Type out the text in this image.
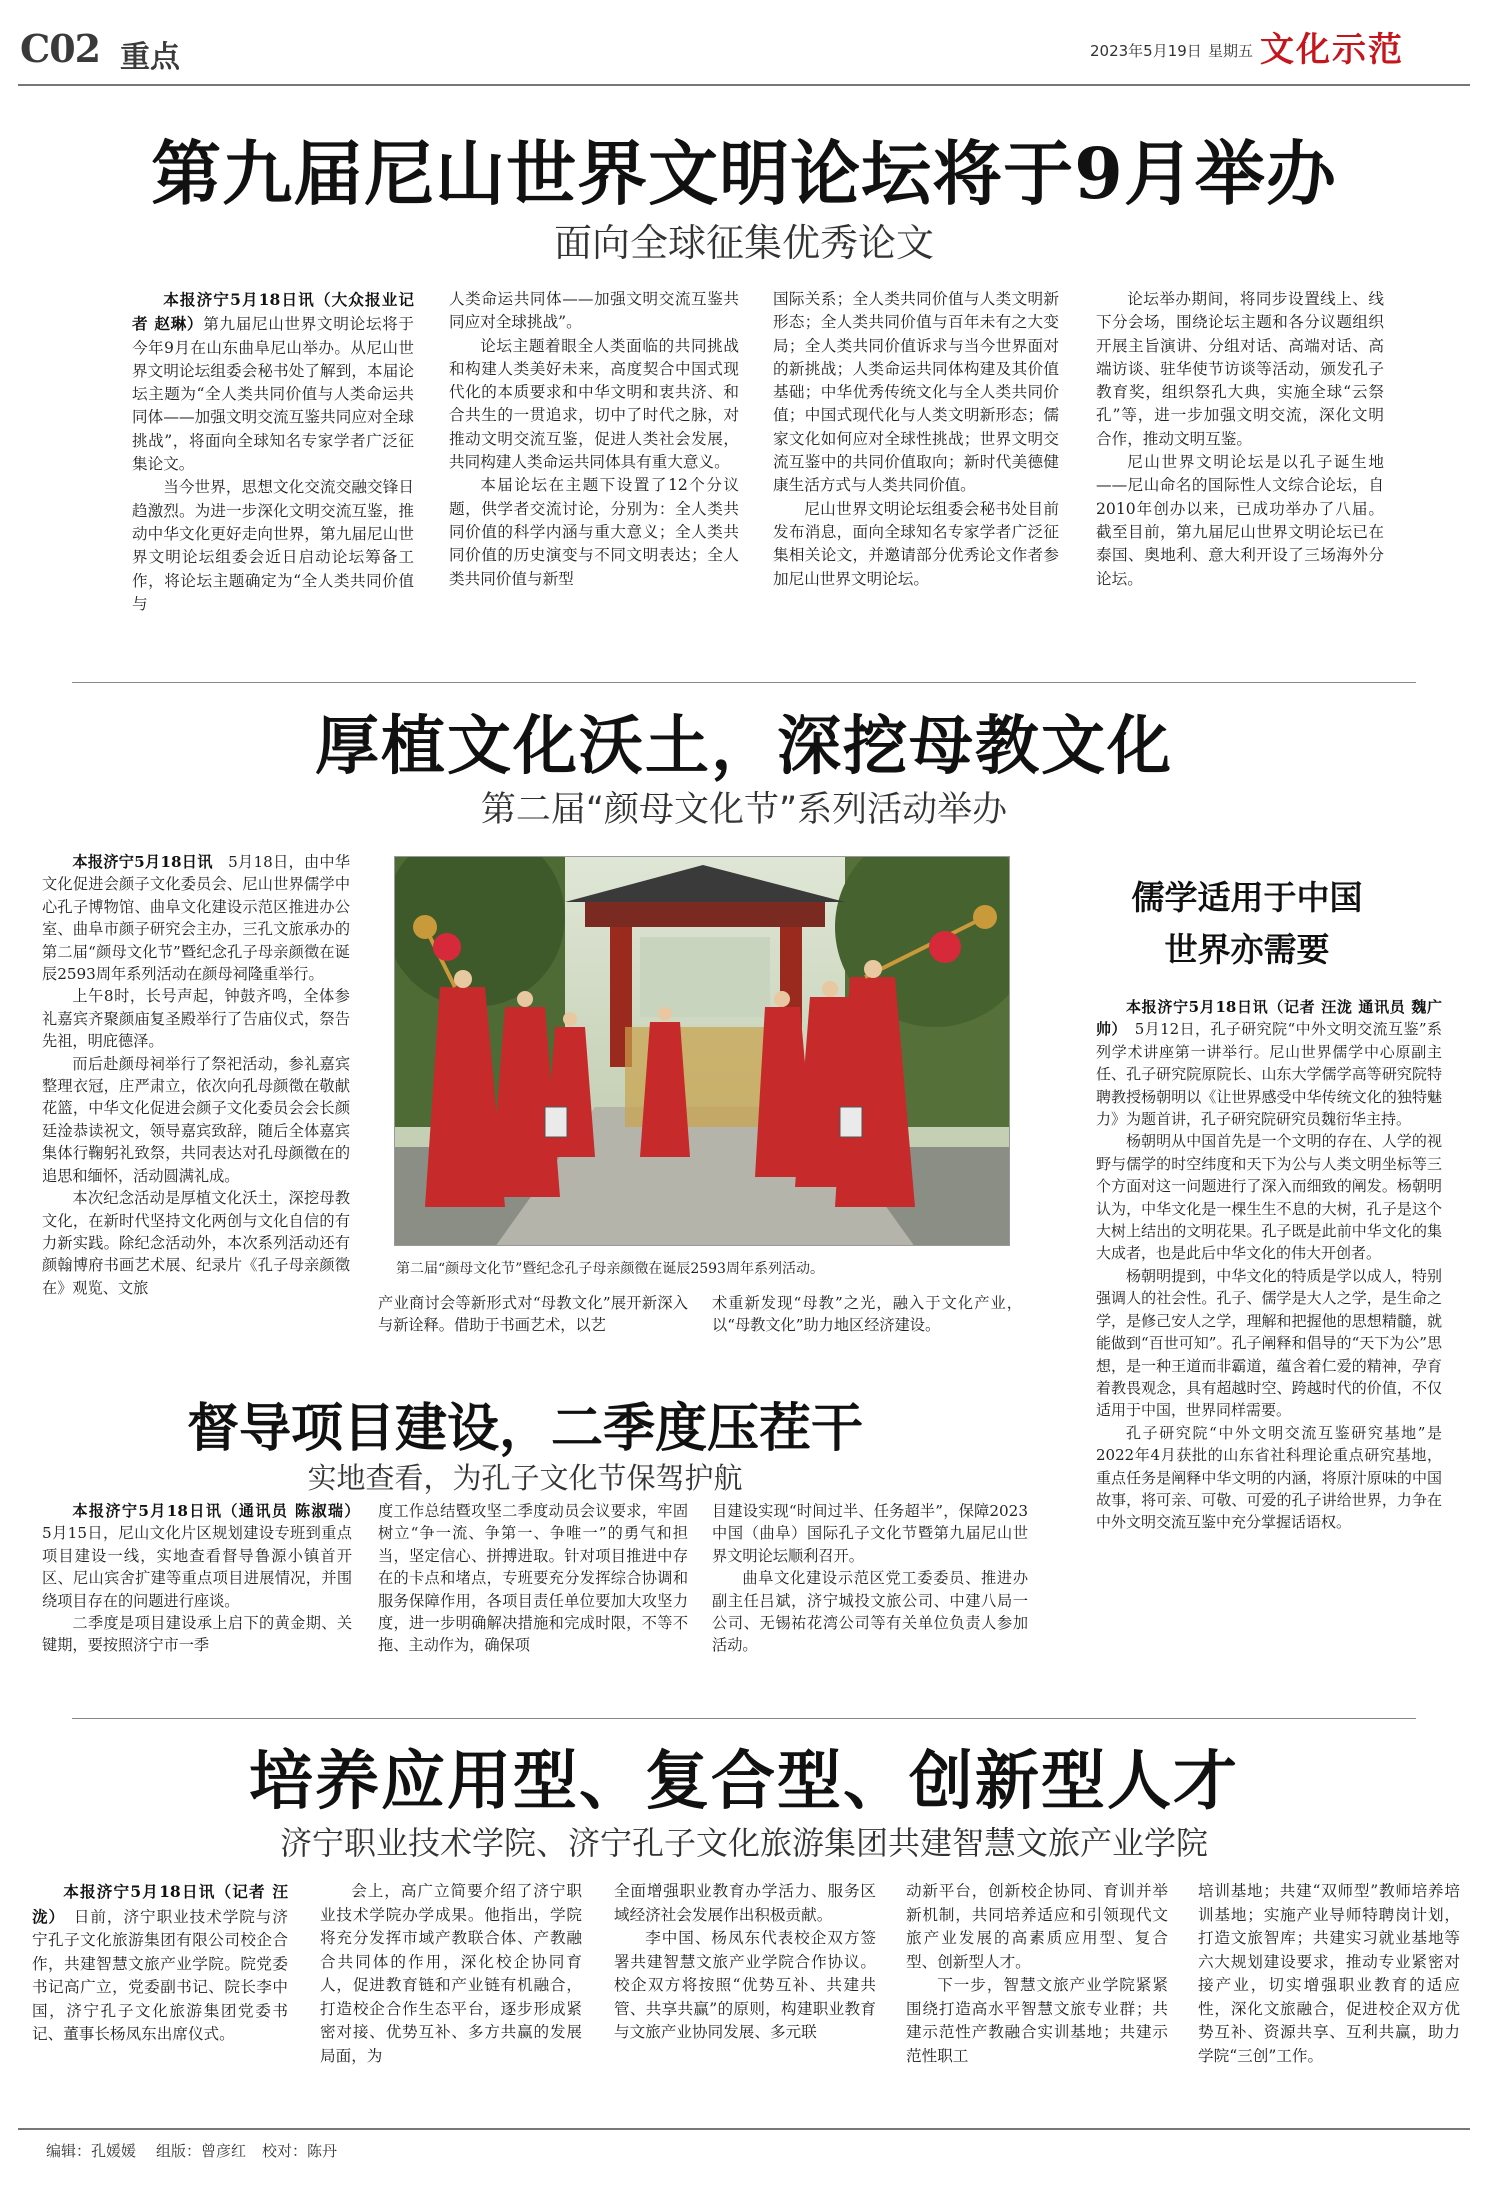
C02 重点	2023年5月19日 星期五 文化示范
第九届尼山世界文明论坛将于9月举办
面向全球征集优秀论文

本报济宁5月18日讯（大众报业记者 赵琳）第九届尼山世界文明论坛将于今年9月在山东曲阜尼山举办。从尼山世界文明论坛组委会秘书处了解到，本届论坛主题为“全人类共同价值与人类命运共同体——加强文明交流互鉴共同应对全球挑战”，将面向全球知名专家学者广泛征集论文。

当今世界，思想文化交流交融交锋日趋激烈。为进一步深化文明交流互鉴，推动中华文化更好走向世界，第九届尼山世界文明论坛组委会近日启动论坛筹备工作，将论坛主题确定为“全人类共同价值与

人类命运共同体——加强文明交流互鉴共同应对全球挑战”。

论坛主题着眼全人类面临的共同挑战和构建人类美好未来，高度契合中国式现代化的本质要求和中华文明和衷共济、和合共生的一贯追求，切中了时代之脉，对推动文明交流互鉴，促进人类社会发展，共同构建人类命运共同体具有重大意义。

本届论坛在主题下设置了12个分议题，供学者交流讨论，分别为：全人类共同价值的科学内涵与重大意义；全人类共同价值的历史演变与不同文明表达；全人类共同价值与新型

国际关系；全人类共同价值与人类文明新形态；全人类共同价值与百年未有之大变局；全人类共同价值诉求与当今世界面对的新挑战；人类命运共同体构建及其价值基础；中华优秀传统文化与全人类共同价值；中国式现代化与人类文明新形态；儒家文化如何应对全球性挑战；世界文明交流互鉴中的共同价值取向；新时代美德健康生活方式与人类共同价值。

尼山世界文明论坛组委会秘书处目前发布消息，面向全球知名专家学者广泛征集相关论文，并邀请部分优秀论文作者参加尼山世界文明论坛。

论坛举办期间，将同步设置线上、线下分会场，围绕论坛主题和各分议题组织开展主旨演讲、分组对话、高端对话、高端访谈、驻华使节访谈等活动，颁发孔子教育奖，组织祭孔大典，实施全球“云祭孔”等，进一步加强文明交流，深化文明合作，推动文明互鉴。

尼山世界文明论坛是以孔子诞生地——尼山命名的国际性人文综合论坛，自2010年创办以来，已成功举办了八届。截至目前，第九届尼山世界文明论坛已在泰国、奥地利、意大利开设了三场海外分论坛。

厚植文化沃土，深挖母教文化
第二届“颜母文化节”系列活动举办

本报济宁5月18日讯　 5月18日，由中华文化促进会颜子文化委员会、尼山世界儒学中心孔子博物馆、曲阜文化建设示范区推进办公室、曲阜市颜子研究会主办，三孔文旅承办的第二届“颜母文化节”暨纪念孔子母亲颜徵在诞辰2593周年系列活动在颜母祠隆重举行。

上午8时，长号声起，钟鼓齐鸣，全体参礼嘉宾齐聚颜庙复圣殿举行了告庙仪式，祭告先祖，明庇德泽。

而后赴颜母祠举行了祭祀活动，参礼嘉宾整理衣冠，庄严肃立，依次向孔母颜徵在敬献花篮，中华文化促进会颜子文化委员会会长颜廷淦恭读祝文，领导嘉宾致辞，随后全体嘉宾集体行鞠躬礼致祭，共同表达对孔母颜徵在的追思和缅怀，活动圆满礼成。

本次纪念活动是厚植文化沃土，深挖母教文化，在新时代坚持文化两创与文化自信的有力新实践。除纪念活动外，本次系列活动还有颜翰博府书画艺术展、纪录片《孔子母亲颜徵在》观览、文旅

第二届“颜母文化节”暨纪念孔子母亲颜徵在诞辰2593周年系列活动。

产业商讨会等新形式对“母教文化”展开新深入与新诠释。借助于书画艺术，以艺

术重新发现“母教”之光，融入于文化产业，以“母教文化”助力地区经济建设。

儒学适用于中国
世界亦需要

本报济宁5月18日讯（记者 汪泷 通讯员 魏广帅）　 5月12日，孔子研究院“中外文明交流互鉴”系列学术讲座第一讲举行。尼山世界儒学中心原副主任、孔子研究院原院长、山东大学儒学高等研究院特聘教授杨朝明以《让世界感受中华传统文化的独特魅力》为题首讲，孔子研究院研究员魏衍华主持。

杨朝明从中国首先是一个文明的存在、人学的视野与儒学的时空纬度和天下为公与人类文明坐标等三个方面对这一问题进行了深入而细致的阐发。杨朝明认为，中华文化是一棵生生不息的大树，孔子是这个大树上结出的文明花果。孔子既是此前中华文化的集大成者，也是此后中华文化的伟大开创者。

杨朝明提到，中华文化的特质是学以成人，特别强调人的社会性。孔子、儒学是大人之学，是生命之学，是修己安人之学，理解和把握他的思想精髓，就能做到“百世可知”。孔子阐释和倡导的“天下为公”思想，是一种王道而非霸道，蕴含着仁爱的精神，孕育着教畏观念，具有超越时空、跨越时代的价值，不仅适用于中国，世界同样需要。

孔子研究院“中外文明交流互鉴研究基地”是2022年4月获批的山东省社科理论重点研究基地，重点任务是阐释中华文明的内涵，将原汁原味的中国故事，将可亲、可敬、可爱的孔子讲给世界，力争在中外文明交流互鉴中充分掌握话语权。

督导项目建设，二季度压茬干
实地查看，为孔子文化节保驾护航

本报济宁5月18日讯（通讯员 陈淑瑞）　5月15日，尼山文化片区规划建设专班到重点项目建设一线，实地查看督导鲁源小镇首开区、尼山宾舍扩建等重点项目进展情况，并围绕项目存在的问题进行座谈。

二季度是项目建设承上启下的黄金期、关键期，要按照济宁市一季

度工作总结暨攻坚二季度动员会议要求，牢固树立“争一流、争第一、争唯一”的勇气和担当，坚定信心、拼搏进取。针对项目推进中存在的卡点和堵点，专班要充分发挥综合协调和服务保障作用，各项目责任单位要加大攻坚力度，进一步明确解决措施和完成时限，不等不拖、主动作为，确保项

目建设实现“时间过半、任务超半”，保障2023中国（曲阜）国际孔子文化节暨第九届尼山世界文明论坛顺利召开。

曲阜文化建设示范区党工委委员、推进办副主任吕斌，济宁城投文旅公司、中建八局一公司、无锡祐花湾公司等有关单位负责人参加活动。

培养应用型、复合型、创新型人才
济宁职业技术学院、济宁孔子文化旅游集团共建智慧文旅产业学院

本报济宁5月18日讯（记者 汪泷）　 日前，济宁职业技术学院与济宁孔子文化旅游集团有限公司校企合作，共建智慧文旅产业学院。院党委书记高广立，党委副书记、院长李中国，济宁孔子文化旅游集团党委书记、董事长杨凤东出席仪式。

会上，高广立简要介绍了济宁职业技术学院办学成果。他指出，学院将充分发挥市域产教联合体、产教融合共同体的作用，深化校企协同育人，促进教育链和产业链有机融合，打造校企合作生态平台，逐步形成紧密对接、优势互补、多方共赢的发展局面，为

全面增强职业教育办学活力、服务区域经济社会发展作出积极贡献。

李中国、杨凤东代表校企双方签署共建智慧文旅产业学院合作协议。校企双方将按照“优势互补、共建共管、共享共赢”的原则，构建职业教育与文旅产业协同发展、多元联

动新平台，创新校企协同、育训并举新机制，共同培养适应和引领现代文旅产业发展的高素质应用型、复合型、创新型人才。

下一步，智慧文旅产业学院紧紧围绕打造高水平智慧文旅专业群；共建示范性产教融合实训基地；共建示范性职工

培训基地；共建“双师型”教师培养培训基地；实施产业导师特聘岗计划，打造文旅智库；共建实习就业基地等六大规划建设要求，推动专业紧密对接产业，切实增强职业教育的适应性，深化文旅融合，促进校企双方优势互补、资源共享、互利共赢，助力学院“三创”工作。

编辑：孔媛媛 组版：曾彦红 校对：陈丹
